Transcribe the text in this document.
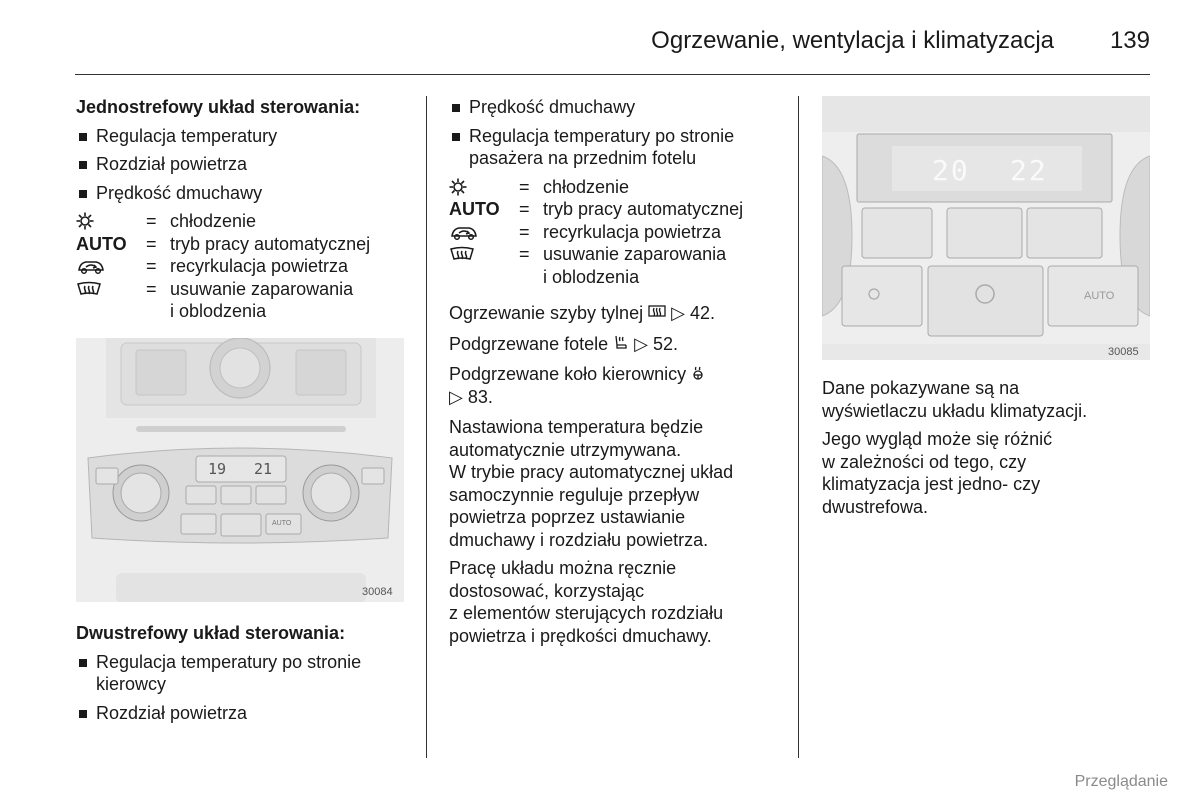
Ogrzewanie, wentylacja i klimatyzacja 139

Jednostrefowy układ sterowania:

Regulacja temperatury

Rozdział powietrza

Prędkość dmuchawy

= chłodzenie
AUTO	= tryb pracy automatycznej
= recyrkulacja powietrza
= usuwanie zaparowania
i oblodzenia
19 21
AUTO
30084

Dwustrefowy układ sterowania:

Regulacja temperatury po stronie

kierowcy

Rozdział powietrza

Prędkość dmuchawy

Regulacja temperatury po stronie

pasażera na przednim fotelu

= chłodzenie
AUTO	= tryb pracy automatycznej
= recyrkulacja powietrza
= usuwanie zaparowania
i oblodzenia

Ogrzewanie szyby tylnej ▷ 42.

Podgrzewane fotele ▷ 52.

Podgrzewane koło kierownicy

▷ 83.

Nastawiona temperatura będzie

automatycznie utrzymywana.

W trybie pracy automatycznej układ

samoczynnie reguluje przepływ

powietrza poprzez ustawianie

dmuchawy i rozdziału powietrza.

Pracę układu można ręcznie

dostosować, korzystając

z elementów sterujących rozdziału

powietrza i prędkości dmuchawy.

20 22
AUTO
30085

Dane pokazywane są na

wyświetlaczu układu klimatyzacji.

Jego wygląd może się różnić

w zależności od tego, czy

klimatyzacja jest jedno- czy

dwustrefowa.

Przeglądanie
